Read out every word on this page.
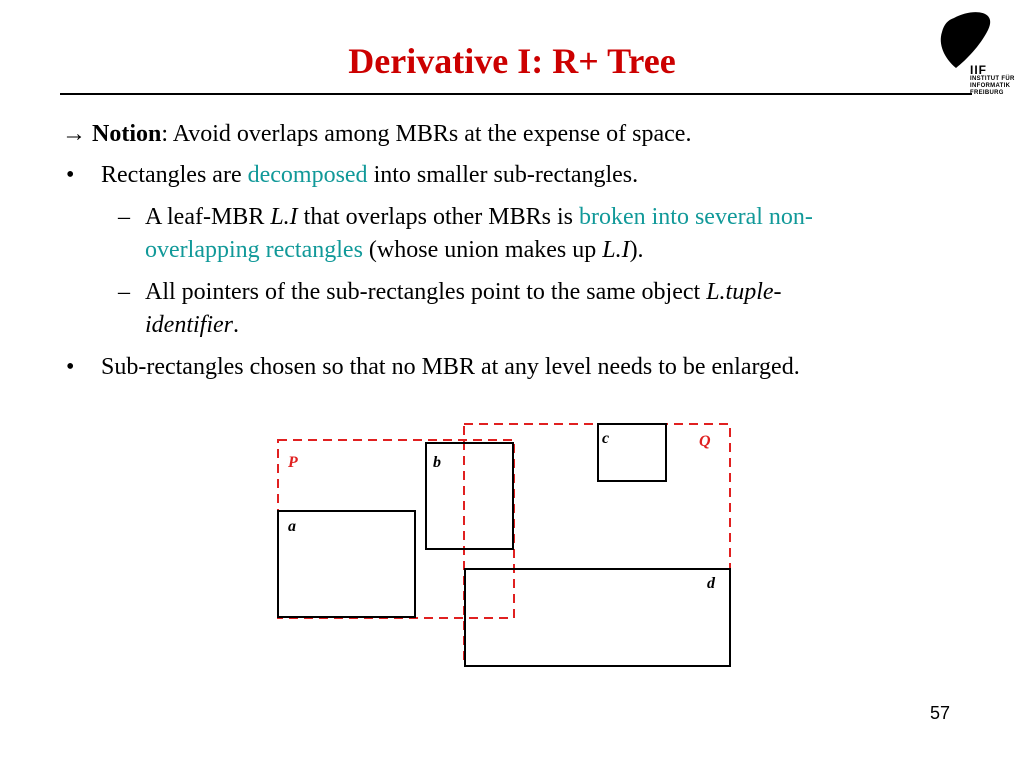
Derivative I: R+ Tree	IIF
INSTITUT FÜR
INFORMATIK
FREIBURG
→ Notion: Avoid overlaps among MBRs at the expense of space.
• Rectangles are decomposed into smaller sub-rectangles.
– A leaf-MBR L.I that overlaps other MBRs is broken into several non-
overlapping rectangles (whose union makes up L.I).
– All pointers of the sub-rectangles point to the same object L.tuple-
identifier.
• Sub-rectangles chosen so that no MBR at any level needs to be enlarged.
P
Q
a
b
c
d
57
